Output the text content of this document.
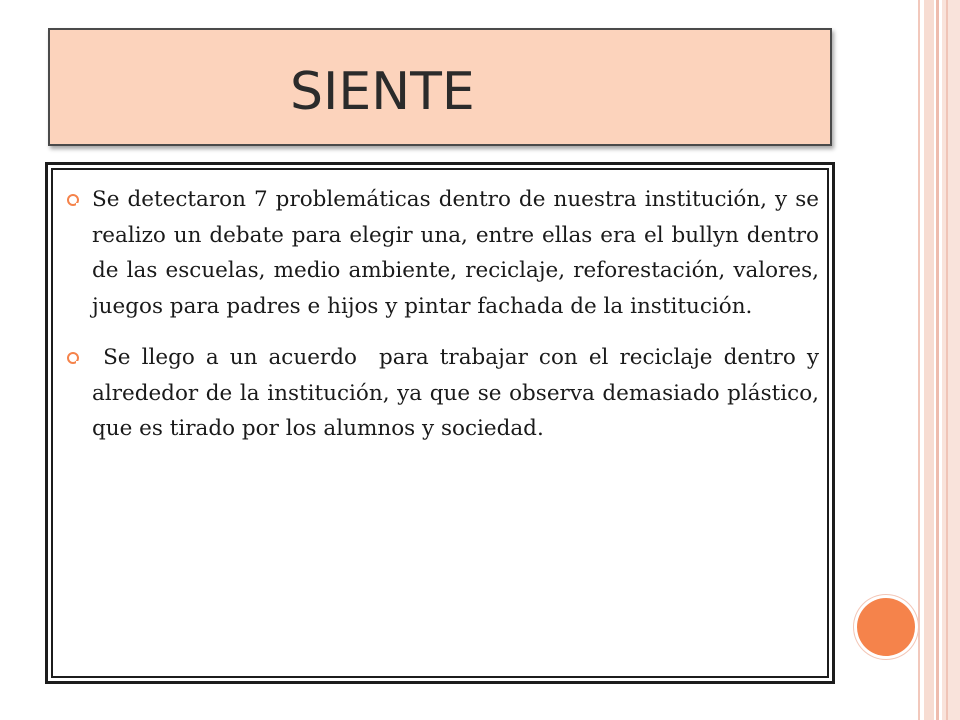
SIENTE
Se detectaron 7 problemáticas dentro de nuestra institución, y se realizo un debate para elegir una, entre ellas era el bullyn dentro de las escuelas, medio ambiente, reciclaje, reforestación, valores,  juegos para padres e hijos y pintar fachada de la institución.
Se llego a un acuerdo  para trabajar con el reciclaje dentro y alrededor de la institución, ya que se observa demasiado plástico, que es tirado por los alumnos y sociedad.
